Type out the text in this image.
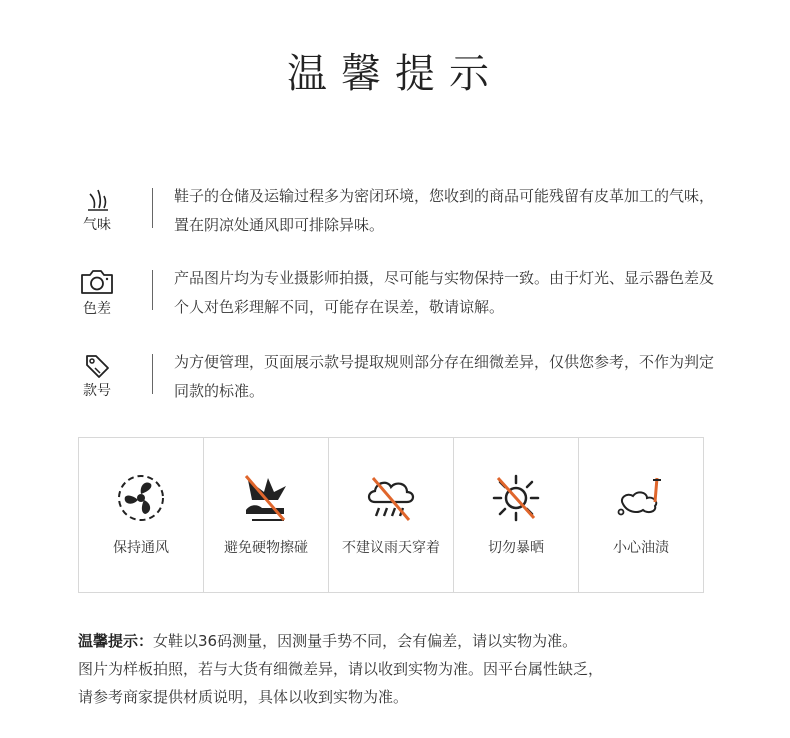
温馨提示
气味
鞋子的仓储及运输过程多为密闭环境，您收到的商品可能残留有皮革加工的气味，置在阴凉处通风即可排除异味。
色差
产品图片均为专业摄影师拍摄，尽可能与实物保持一致。由于灯光、显示器色差及个人对色彩理解不同，可能存在误差，敬请谅解。
款号
为方便管理，页面展示款号提取规则部分存在细微差异，仅供您参考，不作为判定同款的标准。
保持通风	避免硬物擦碰	不建议雨天穿着	切勿暴晒	小心油渍

温馨提示：女鞋以36码测量，因测量手势不同，会有偏差，请以实物为准。

图片为样板拍照，若与大货有细微差异，请以收到实物为准。因平台属性缺乏，

请参考商家提供材质说明，具体以收到实物为准。
